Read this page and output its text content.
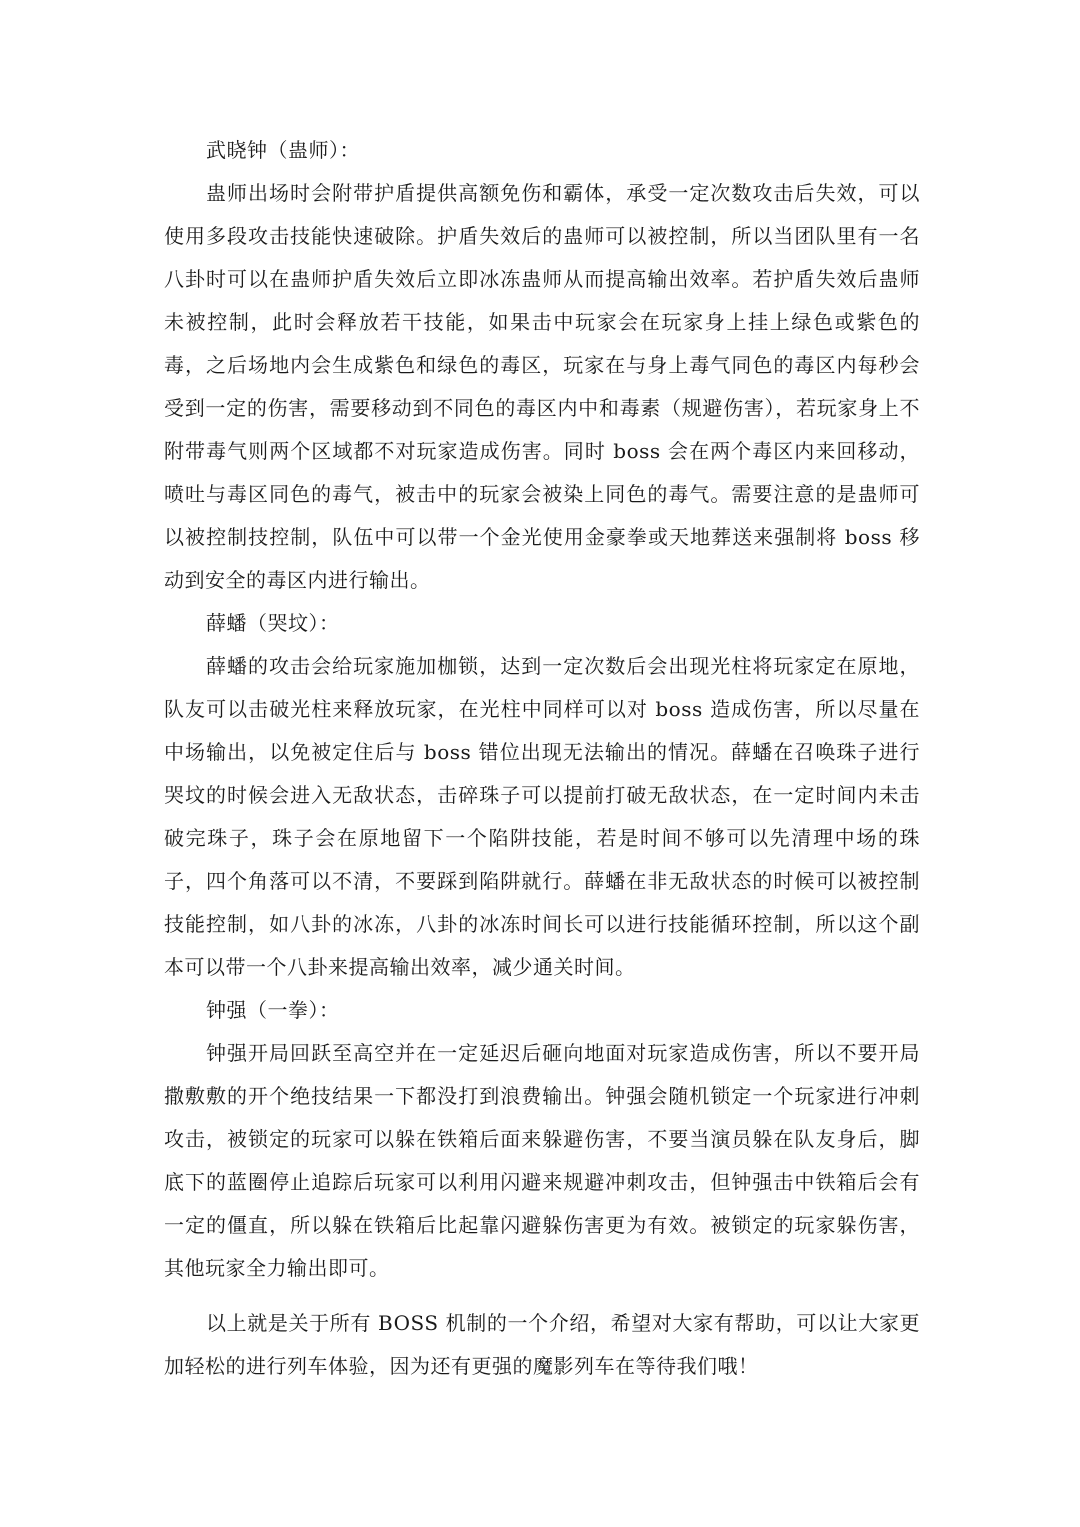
武晓钟（蛊师）：

蛊师出场时会附带护盾提供高额免伤和霸体，承受一定次数攻击后失效，可以使用多段攻击技能快速破除。护盾失效后的蛊师可以被控制，所以当团队里有一名八卦时可以在蛊师护盾失效后立即冰冻蛊师从而提高输出效率。若护盾失效后蛊师未被控制，此时会释放若干技能，如果击中玩家会在玩家身上挂上绿色或紫色的毒，之后场地内会生成紫色和绿色的毒区，玩家在与身上毒气同色的毒区内每秒会受到一定的伤害，需要移动到不同色的毒区内中和毒素（规避伤害），若玩家身上不附带毒气则两个区域都不对玩家造成伤害。同时 boss 会在两个毒区内来回移动，喷吐与毒区同色的毒气，被击中的玩家会被染上同色的毒气。需要注意的是蛊师可以被控制技控制，队伍中可以带一个金光使用金豪拳或天地葬送来强制将 boss 移动到安全的毒区内进行输出。

薛蟠（哭坟）：

薛蟠的攻击会给玩家施加枷锁，达到一定次数后会出现光柱将玩家定在原地，队友可以击破光柱来释放玩家，在光柱中同样可以对 boss 造成伤害，所以尽量在中场输出，以免被定住后与 boss 错位出现无法输出的情况。薛蟠在召唤珠子进行哭坟的时候会进入无敌状态，击碎珠子可以提前打破无敌状态，在一定时间内未击破完珠子，珠子会在原地留下一个陷阱技能，若是时间不够可以先清理中场的珠子，四个角落可以不清，不要踩到陷阱就行。薛蟠在非无敌状态的时候可以被控制技能控制，如八卦的冰冻，八卦的冰冻时间长可以进行技能循环控制，所以这个副本可以带一个八卦来提高输出效率，减少通关时间。

钟强（一拳）：

钟强开局回跃至高空并在一定延迟后砸向地面对玩家造成伤害，所以不要开局撒敷敷的开个绝技结果一下都没打到浪费输出。钟强会随机锁定一个玩家进行冲刺攻击，被锁定的玩家可以躲在铁箱后面来躲避伤害，不要当演员躲在队友身后，脚底下的蓝圈停止追踪后玩家可以利用闪避来规避冲刺攻击，但钟强击中铁箱后会有一定的僵直，所以躲在铁箱后比起靠闪避躲伤害更为有效。被锁定的玩家躲伤害，其他玩家全力输出即可。

以上就是关于所有 BOSS 机制的一个介绍，希望对大家有帮助，可以让大家更加轻松的进行列车体验，因为还有更强的魔影列车在等待我们哦！
